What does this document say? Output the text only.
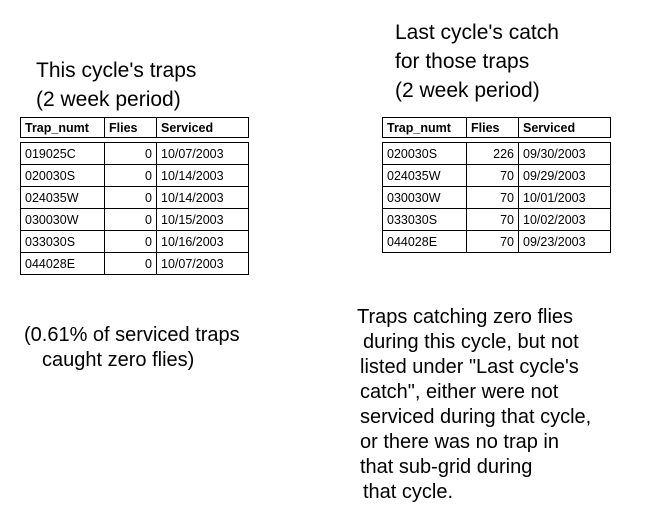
This cycle's traps
(2 week period)
Last cycle's catch
for those traps
(2 week period)
Trap_numt	Flies	Serviced

019025C	0	10/07/2003
020030S	0	10/14/2003
024035W	0	10/14/2003
030030W	0	10/15/2003
033030S	0	10/16/2003
044028E	0	10/07/2003
Trap_numt	Flies	Serviced

020030S	226	09/30/2003
024035W	70	09/29/2003
030030W	70	10/01/2003
033030S	70	10/02/2003
044028E	70	09/23/2003
(0.61% of serviced traps
caught zero flies)
Traps catching zero flies
during this cycle, but not
listed under "Last cycle's
catch", either were not
serviced during that cycle,
or there was no trap in
that sub-grid during
that cycle.
